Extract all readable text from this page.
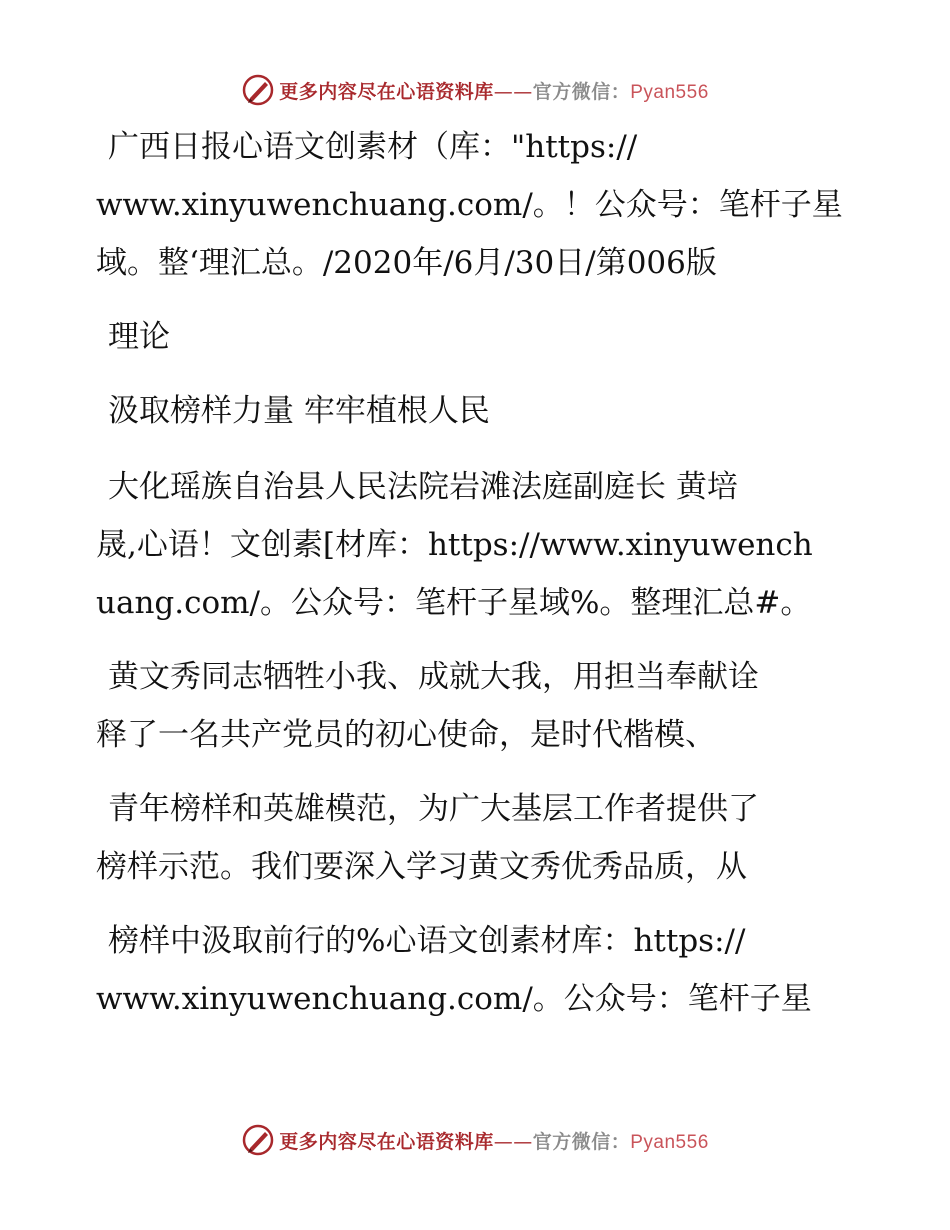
更多内容尽在心语资料库——官方微信：Pyan556
广西日报心语文创素材（库："https://
www.xinyuwenchuang.com/。！公众号：笔杆子星
域。整‘理汇总。/2020年/6月/30日/第006版
理论
汲取榜样力量 牢牢植根人民
大化瑶族自治县人民法院岩滩法庭副庭长 黄培
晟,心语！文创素[材库：https://www.xinyuwench
uang.com/。公众号：笔杆子星域%。整理汇总#。
黄文秀同志牺牲小我、成就大我，用担当奉献诠
释了一名共产党员的初心使命，是时代楷模、
青年榜样和英雄模范，为广大基层工作者提供了
榜样示范。我们要深入学习黄文秀优秀品质，从
榜样中汲取前行的%心语文创素材库：https://
www.xinyuwenchuang.com/。公众号：笔杆子星
更多内容尽在心语资料库——官方微信：Pyan556
